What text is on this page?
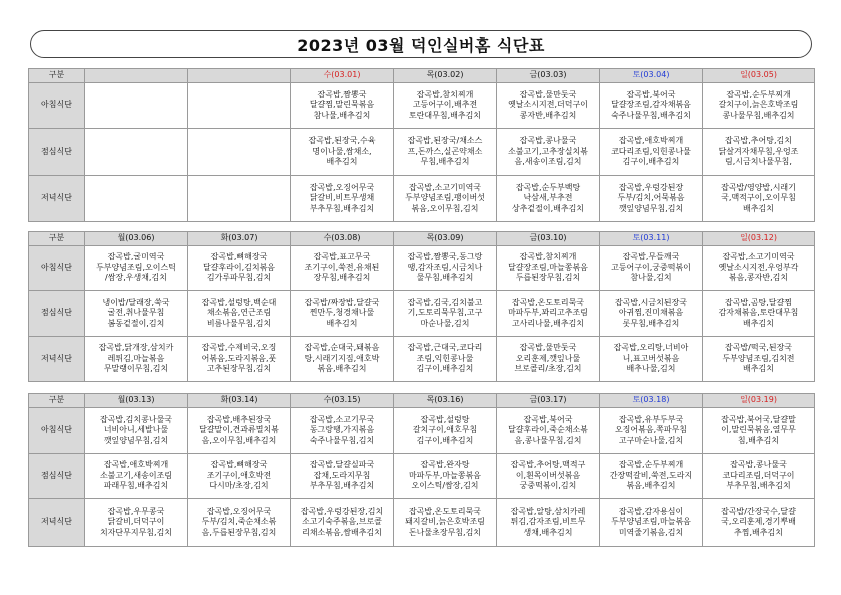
2023년 03월 덕인실버홈 식단표
구분			수(03.01)	목(03.02)	금(03.03)	토(03.04)	일(03.05)
아침식단			잡곡밥,짬뽕국
달걀찜,말린묵볶음
참나물,배추김치	잡곡밥,참치찌개
고등어구이,배추전
토란대무침,배추김치	잡곡밥,물만둣국
옛날소시지전,더덕구이
콩자반,배추김치	잡곡밥,북어국
달걀장조림,감자채볶음
숙주나물무침,배추김치	잡곡밥,순두부찌개
갈치구이,늙은호박조림
콩나물무침,배추김치
점심식단			잡곡밥,된장국,수육
명이나물,쌈채소,
배추김치	잡곡밥,된장국/채소스
프,돈까스,실곤약채소
무침,배추김치	잡곡밥,콩나물국
소불고기,고추장실치볶
음,새송이조림,김치	잡곡밥,애호박찌개
코다리조림,익힌콩나물
김구이,배추김치	잡곡밥,추어탕,김치
닭살겨자채무침,우엉조
림,시금치나물무침,
저녁식단			잡곡밥,오징어무국
닭갈비,비트무생채
부추무침,배추김치	잡곡밥,소고기미역국
두부양념조림,팽이버섯
볶음,오이무침,김치	잡곡밥,순두부백탕
낙삼새,부추전
상추겉절이,배추김치	잡곡밥,우렁강된장
두부/김치,어묵볶음
깻잎양념무침,김치	잡곡밥/영양밥,시래기
국,맥적구이,오이무침
배추김치
구분	월(03.06)	화(03.07)	수(03.08)	목(03.09)	금(03.10)	토(03.11)	일(03.12)
아침식단	잡곡밥,굴미역국
두부양념조림,오이스틱
/쌈장,우생채,김치	잡곡밥,뼈해장국
달걀후라이,김치볶음
김가루파무침,김치	잡곡밥,표고무국
조기구이,쑥전,유채된
장무침,배추김치	잡곡밥,짬뽕국,동그랑
땡,감자조림,시금치나
물무침,배추김치	잡곡밥,참치찌개
달걀장조림,마늘쫑볶음
두릅된장무침,김치	잡곡밥,무들깨국
고등어구이,궁중떡볶이
참나물,김치	잡곡밥,소고기미역국
옛날소시지전,우엉부각
볶음,콩자반,김치
점심식단	냉이밥/달래장,쑥국
굴전,취나물무침
봄동겉절이,김치	잡곡밥,설렁탕,백순대
채소볶음,연근조림
비름나물무침,김치	잡곡밥/짜장밥,달걀국
찐만두,청경채나물
배추김치	잡곡밥,김국,김치불고
기,도토리묵무침,고구
마순나물,김치	잡곡밥,온도토리묵국
마파두부,꽈리고추조림
고사리나물,배추김치	잡곡밥,시금치된장국
아귀찜,진미채볶음
롯무침,배추김치	잡곡밥,곰탕,달걀찜
감자채볶음,토란대무침
배추김치
저녁식단	잡곡밥,닭개장,삼치카
레튀김,마늘볶음
무말랭이무침,김치	잡곡밥,수제비국,오징
어볶음,도라지볶음,풋
고추된장무침,김치	잡곡밥,순대국,돼볶음
탕,시래기지짐,애호박
볶음,배추김치	잡곡밥,근대국,코다리
조림,익힌콩나물
김구이,배추김치	잡곡밥,물만둣국
오리훈제,깻잎나물
브로콜리/초장,김치	잡곡밥,오리탕,너비아
니,표고버섯볶음
배추나물,김치	잡곡밥/떡국,된장국
두부양념조림,김치전
배추김치
구분	월(03.13)	화(03.14)	수(03.15)	목(03.16)	금(03.17)	토(03.18)	일(03.19)
아침식단	잡곡밥,김치콩나물국
너비아니,세발나물
깻잎양념무침,김치	잡곡밥,배추된장국
달걀말이,견과류멸치볶
음,오이무침,배추김치	잡곡밥,소고기무국
동그랑땡,가지볶음
숙주나물무침,김치	잡곡밥,설렁탕
갈치구이,애호무침
김구이,배추김치	잡곡밥,북어국
달걀후라이,죽순채소볶
음,콩나물무침,김치	잡곡밥,유부두부국
오징어볶음,쪽파무침
고구마순나물,김치	잡곡밥,북어국,달걀말
이,말린묵볶음,열무무
침,배추김치
점심식단	잡곡밥,애호박찌개
소불고기,새송이조림
파래무침,배추김치	잡곡밥,뼈해장국
조기구이,애호박전
다시마/초장,김치	잡곡밥,달걀실파국
잡채,도라지무침
부추무침,배추김치	잡곡밥,완자탕
마파두부,마늘쫑볶음
오이스틱/쌈장,김치	잡곡밥,추어탕,맥적구
이,흰목이버섯볶음
궁중떡볶이,김치	잡곡밥,순두부찌개
간장떡갈비,쑥전,도라지
볶음,배추김치	잡곡밥,콩나물국
코다리조림,더덕구이
부추무침,배추김치
저녁식단	잡곡밥,우무콩국
닭갈비,더덕구이
치자단무지무침,김치	잡곡밥,오징어무국
두부/김치,죽순채소볶
음,두릅된장무침,김치	잡곡밥,우렁강된장,김치
소고기숙주볶음,브로콜
리채소볶음,쌈배추김치	잡곡밥,온도토리묵국
돼지갈비,늙은호박조림
돈나물초장무침,김치	잡곡밥,알탕,삼치카레
튀김,감자조림,비트무
생채,배추김치	잡곡밥,감자용심이
두부양념조림,마늘볶음
미역줄기볶음,김치	잡곡밥/간장국수,달걀
국,오리훈제,경기뿌배
추찜,배추김치
